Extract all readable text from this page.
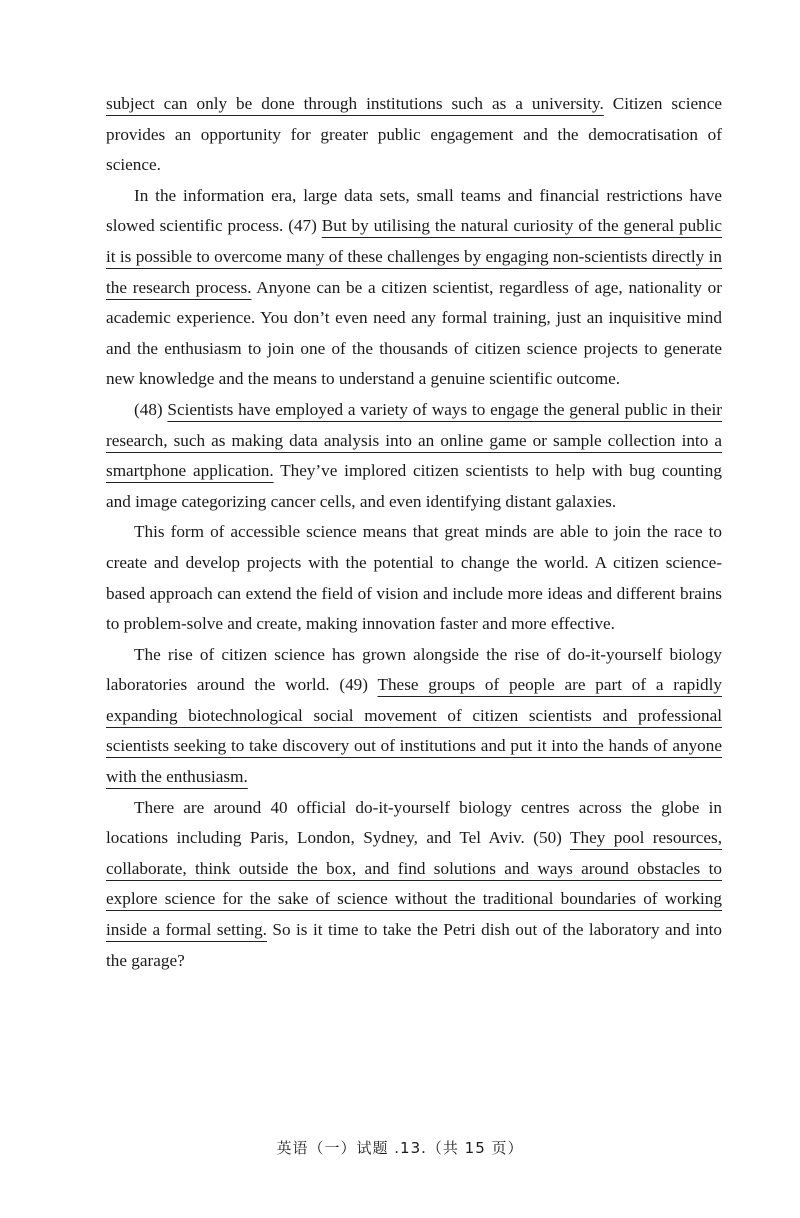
subject can only be done through institutions such as a university. Citizen science provides an opportunity for greater public engagement and the democratisation of science.

In the information era, large data sets, small teams and financial restrictions have slowed scientific process. (47) But by utilising the natural curiosity of the general public it is possible to overcome many of these challenges by engaging non-scientists directly in the research process. Anyone can be a citizen scientist, regardless of age, nationality or academic experience. You don’t even need any formal training, just an inquisitive mind and the enthusiasm to join one of the thousands of citizen science projects to generate new knowledge and the means to understand a genuine scientific outcome.

(48) Scientists have employed a variety of ways to engage the general public in their research, such as making data analysis into an online game or sample collection into a smartphone application. They’ve implored citizen scientists to help with bug counting and image categorizing cancer cells, and even identifying distant galaxies.

This form of accessible science means that great minds are able to join the race to create and develop projects with the potential to change the world. A citizen science-based approach can extend the field of vision and include more ideas and different brains to problem-solve and create, making innovation faster and more effective.

The rise of citizen science has grown alongside the rise of do-it-yourself biology laboratories around the world. (49) These groups of people are part of a rapidly expanding biotechnological social movement of citizen scientists and professional scientists seeking to take discovery out of institutions and put it into the hands of anyone with the enthusiasm.

There are around 40 official do-it-yourself biology centres across the globe in locations including Paris, London, Sydney, and Tel Aviv. (50) They pool resources, collaborate, think outside the box, and find solutions and ways around obstacles to explore science for the sake of science without the traditional boundaries of working inside a formal setting. So is it time to take the Petri dish out of the laboratory and into the garage?

英语（一）试题 .13.（共 15 页）
